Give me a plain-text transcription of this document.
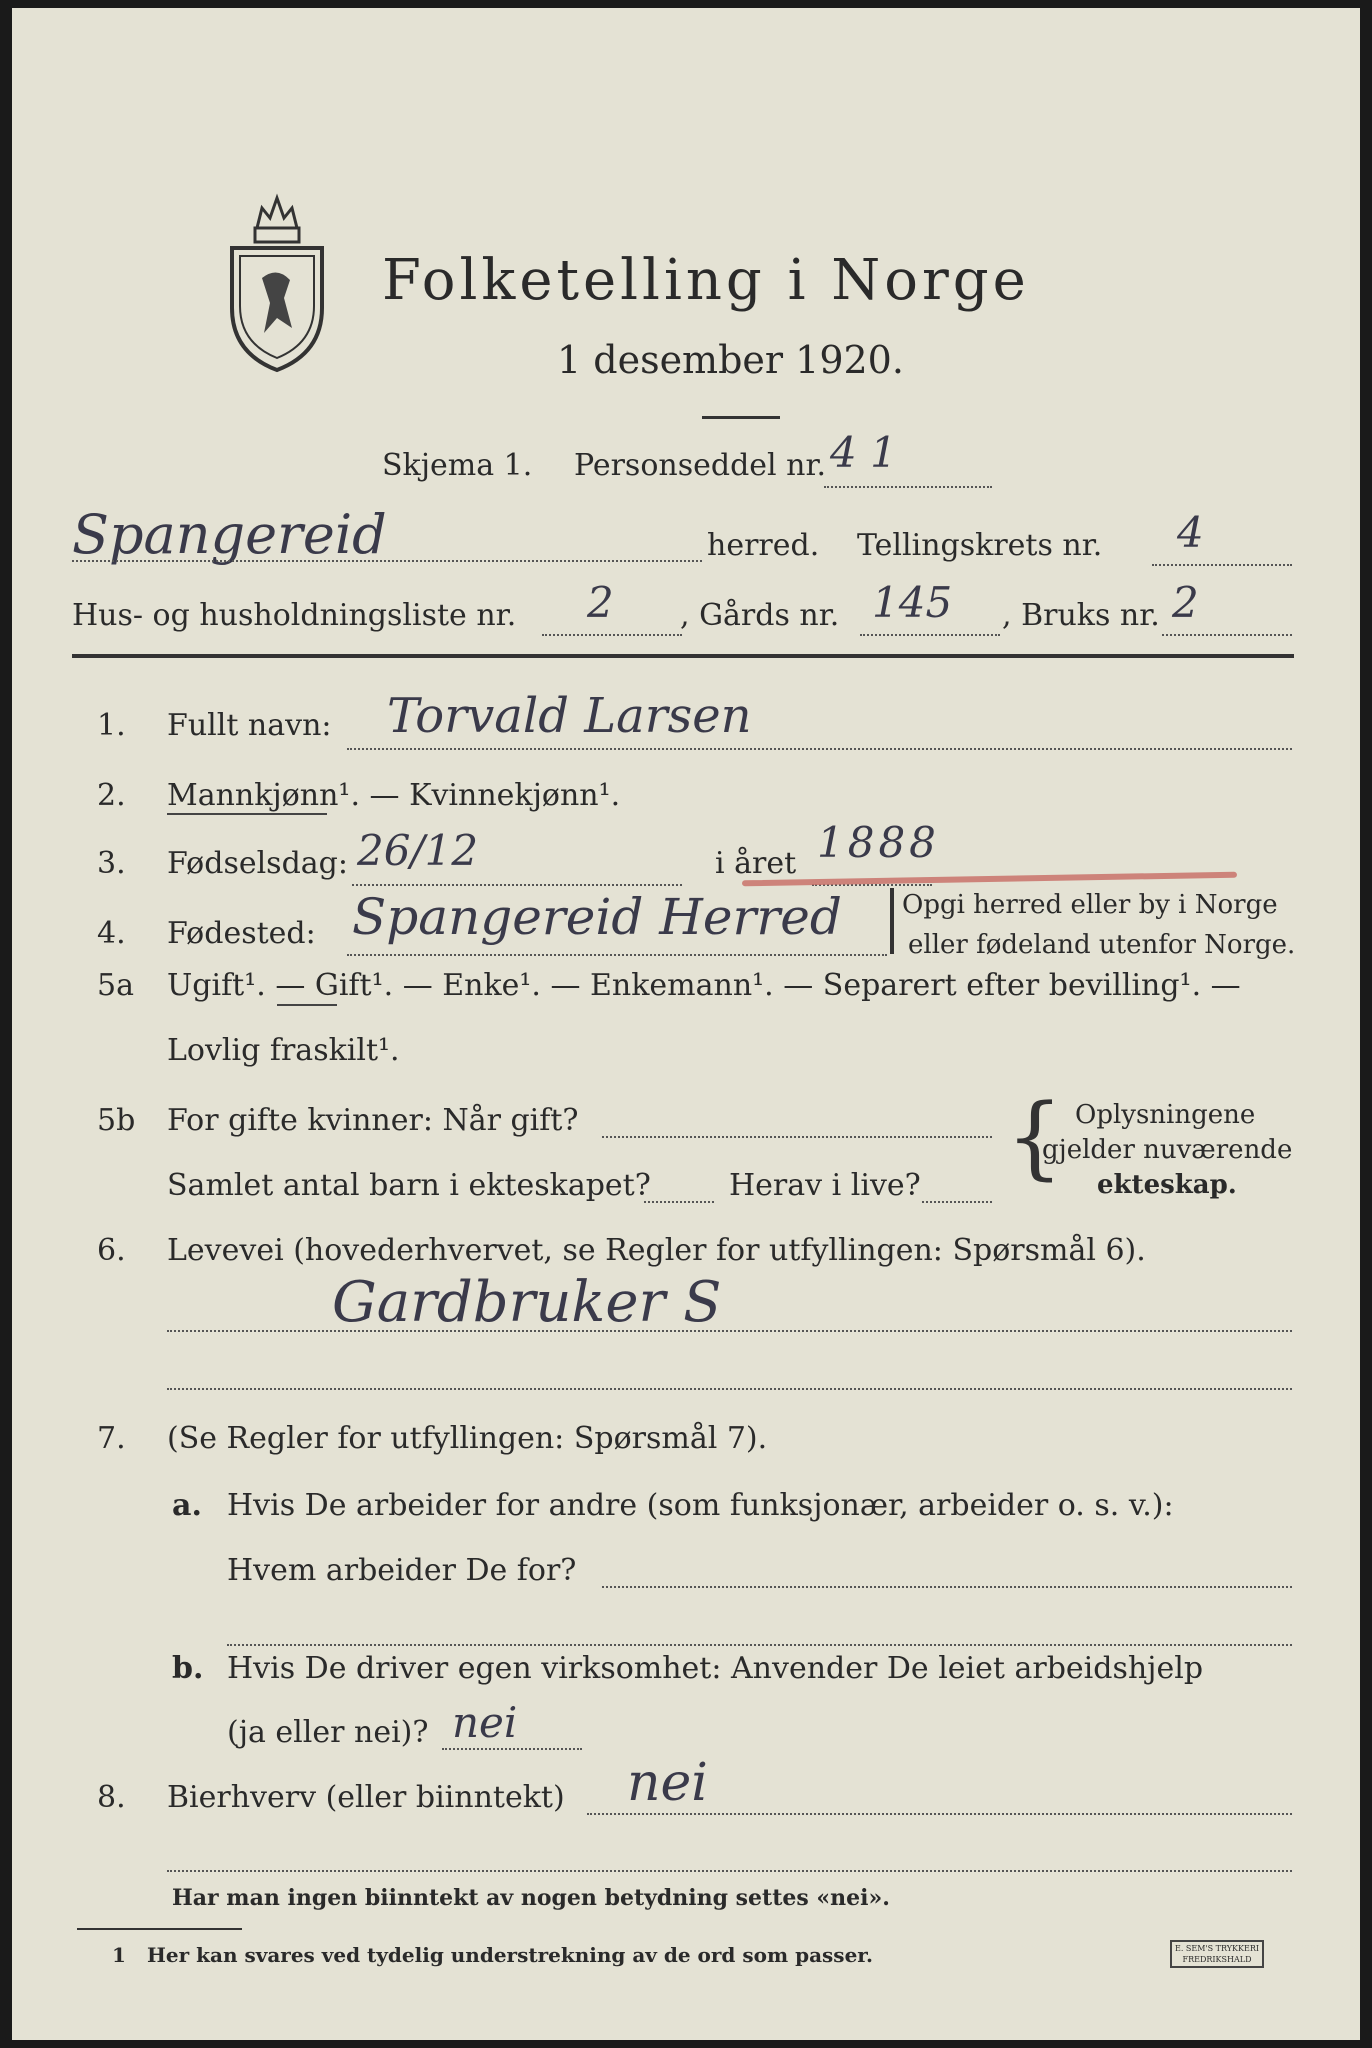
Folketelling i Norge
1 desember 1920.
Skjema 1. Personseddel nr. 4 1
Spangereid	herred. Tellingskrets nr. 4
Hus- og husholdningsliste nr. 2 , Gårds nr. 145 , Bruks nr. 2
1. Fullt navn: Torvald Larsen
2. Mannkjønn¹. — Kvinnekjønn¹.
3. Fødselsdag: 26/12	i året 1888
4. Fødested: Spangereid Herred Opgi herred eller by i Norge
eller fødeland utenfor Norge.
5a Ugift¹. — Gift¹. — Enke¹. — Enkemann¹. — Separert efter bevilling¹. —
Lovlig fraskilt¹.
5b For gifte kvinner: Når gift?
Samlet antal barn i ekteskapet?	Herav i live? { Oplysningene
gjelder nuværende
ekteskap.
6. Levevei (hovederhvervet, se Regler for utfyllingen: Spørsmål 6).
Gardbruker S
7. (Se Regler for utfyllingen: Spørsmål 7).
a. Hvis De arbeider for andre (som funksjonær, arbeider o. s. v.):
Hvem arbeider De for?
b. Hvis De driver egen virksomhet: Anvender De leiet arbeidshjelp
(ja eller nei)? nei
8. Bierhverv (eller biinntekt) nei
Har man ingen biinntekt av nogen betydning settes «nei».
1 Her kan svares ved tydelig understrekning av de ord som passer.	E. SEM'S TRYKKERI
FREDRIKSHALD
